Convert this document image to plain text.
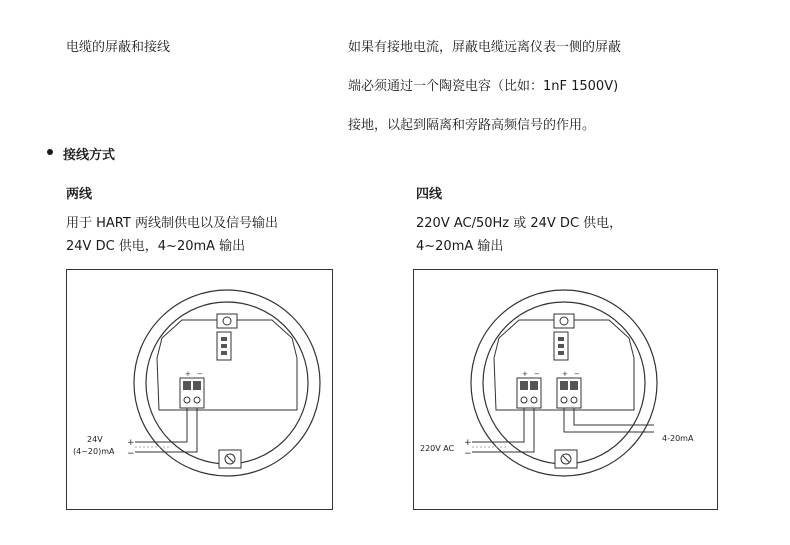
电缆的屏蔽和接线	如果有接地电流，屏蔽电缆远离仪表一侧的屏蔽
端必须通过一个陶瓷电容（比如：1nF 1500V)
接地，以起到隔离和旁路高频信号的作用。
接线方式
两线
用于 HART 两线制供电以及信号输出
24V DC 供电，4~20mA 输出
四线
220V AC/50Hz 或 24V DC 供电，
4~20mA 输出
+ −
+
−
24V
(4~20)mA
+ −	+ −
+
−
220V AC
4-20mA
